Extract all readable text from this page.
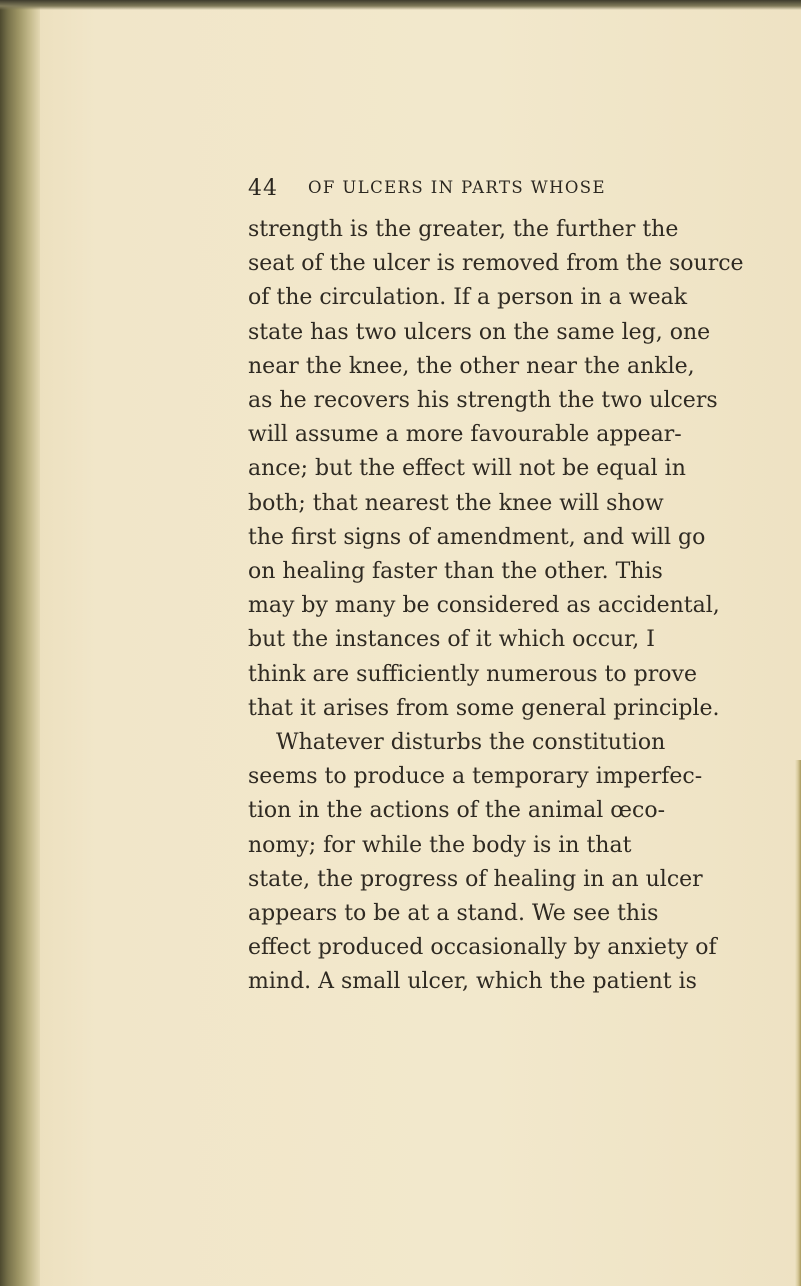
44 OF ULCERS IN PARTS WHOSE
strength is the greater, the further the
seat of the ulcer is removed from the source
of the circulation. If a person in a weak
state has two ulcers on the same leg, one
near the knee, the other near the ankle,
as he recovers his strength the two ulcers
will assume a more favourable appear-
ance; but the effect will not be equal in
both; that nearest the knee will show
the first signs of amendment, and will go
on healing faster than the other. This
may by many be considered as accidental,
but the instances of it which occur, I
think are sufficiently numerous to prove
that it arises from some general principle.
Whatever disturbs the constitution
seems to produce a temporary imperfec-
tion in the actions of the animal œco-
nomy; for while the body is in that
state, the progress of healing in an ulcer
appears to be at a stand. We see this
effect produced occasionally by anxiety of
mind. A small ulcer, which the patient is
